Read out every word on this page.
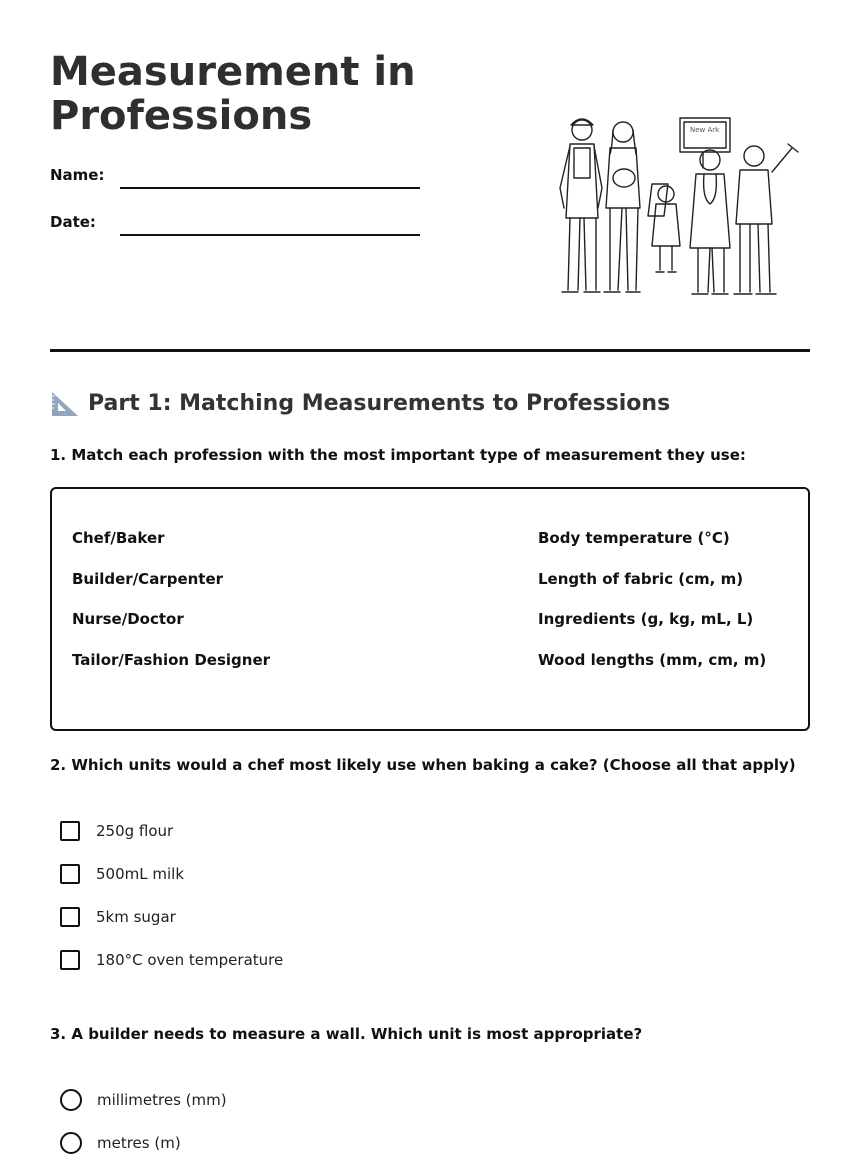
Measurement in
Professions
Name:
Date:
New Ark
Part 1: Matching Measurements to Professions

1. Match each profession with the most important type of measurement they use:

Chef/Baker
Builder/Carpenter
Nurse/Doctor
Tailor/Fashion Designer
Body temperature (°C)
Length of fabric (cm, m)
Ingredients (g, kg, mL, L)
Wood lengths (mm, cm, m)

2. Which units would a chef most likely use when baking a cake? (Choose all that apply)

250g flour
500mL milk
5km sugar
180°C oven temperature

3. A builder needs to measure a wall. Which unit is most appropriate?

millimetres (mm)
metres (m)
